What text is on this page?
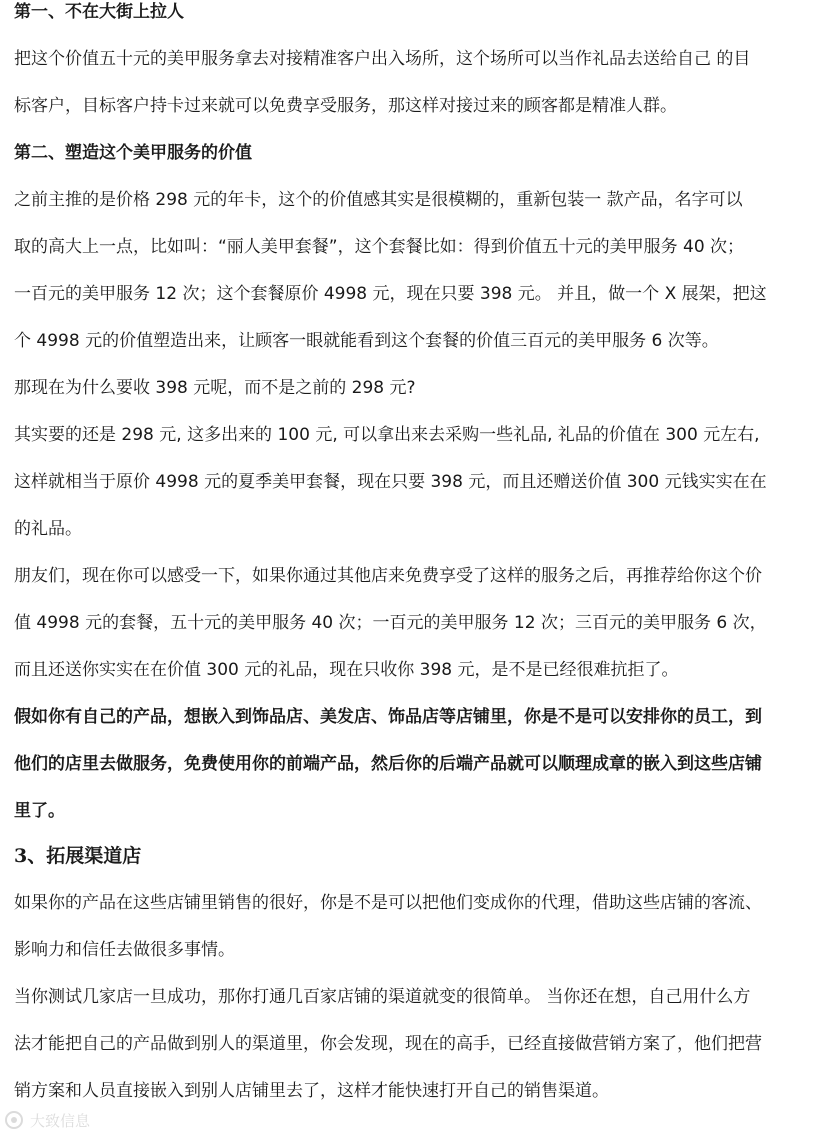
第一、不在大街上拉人
把这个价值五十元的美甲服务拿去对接精准客户出入场所，这个场所可以当作礼品去送给自己 的目
标客户，目标客户持卡过来就可以免费享受服务，那这样对接过来的顾客都是精准人群。
第二、塑造这个美甲服务的价值
之前主推的是价格 298 元的年卡，这个的价值感其实是很模糊的，重新包装一 款产品，名字可以
取的高大上一点，比如叫：“丽人美甲套餐”，这个套餐比如：得到价值五十元的美甲服务 40 次；
一百元的美甲服务 12 次；这个套餐原价 4998 元，现在只要 398 元。 并且，做一个 X 展架，把这
个 4998 元的价值塑造出来，让顾客一眼就能看到这个套餐的价值三百元的美甲服务 6 次等。
那现在为什么要收 398 元呢，而不是之前的 298 元?
其实要的还是 298 元, 这多出来的 100 元, 可以拿出来去采购一些礼品, 礼品的价值在 300 元左右,
这样就相当于原价 4998 元的夏季美甲套餐，现在只要 398 元，而且还赠送价值 300 元钱实实在在
的礼品。
朋友们，现在你可以感受一下，如果你通过其他店来免费享受了这样的服务之后，再推荐给你这个价
值 4998 元的套餐，五十元的美甲服务 40 次；一百元的美甲服务 12 次；三百元的美甲服务 6 次，
而且还送你实实在在价值 300 元的礼品，现在只收你 398 元，是不是已经很难抗拒了。
假如你有自己的产品，想嵌入到饰品店、美发店、饰品店等店铺里，你是不是可以安排你的员工，到
他们的店里去做服务，免费使用你的前端产品，然后你的后端产品就可以顺理成章的嵌入到这些店铺
里了。
3、拓展渠道店
如果你的产品在这些店铺里销售的很好，你是不是可以把他们变成你的代理，借助这些店铺的客流、
影响力和信任去做很多事情。
当你测试几家店一旦成功，那你打通几百家店铺的渠道就变的很简单。 当你还在想，自己用什么方
法才能把自己的产品做到别人的渠道里，你会发现，现在的高手，已经直接做营销方案了，他们把营
销方案和人员直接嵌入到别人店铺里去了，这样才能快速打开自己的销售渠道。
大致信息
